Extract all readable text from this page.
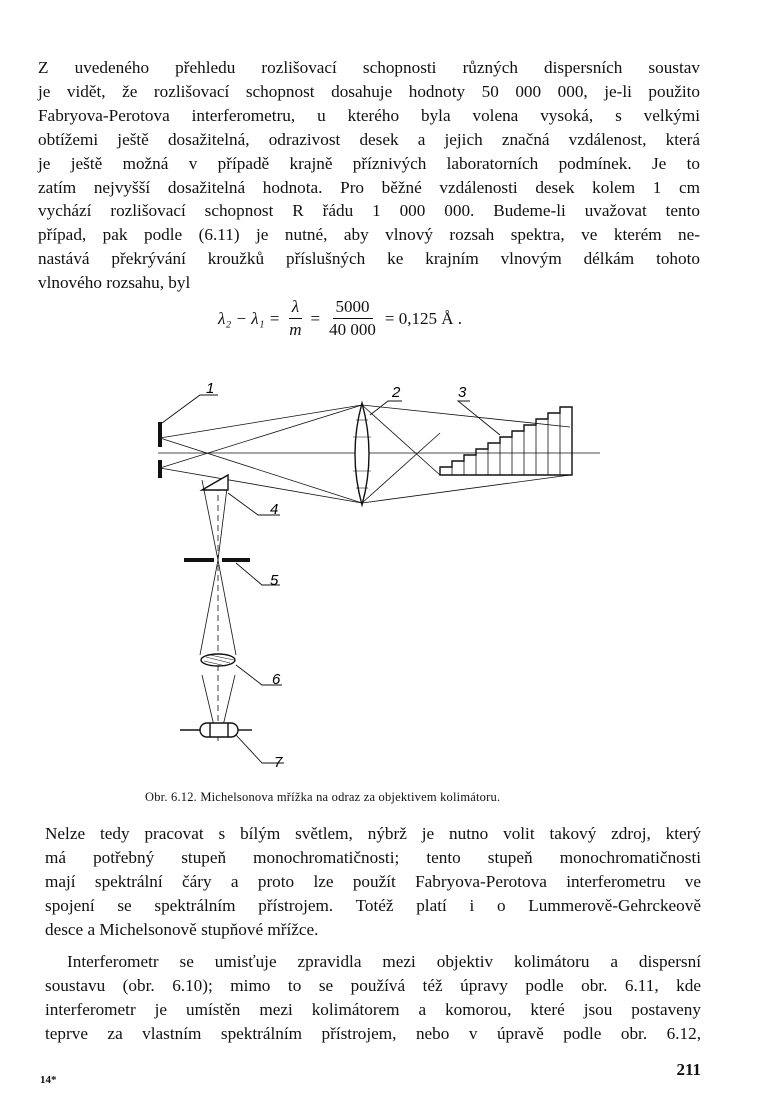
Z uvedeného přehledu rozlišovací schopnosti různých dispersních soustav
je vidět, že rozlišovací schopnost dosahuje hodnoty 50 000 000, je-li použito
Fabryova-Perotova interferometru, u kterého byla volena vysoká, s velkými
obtížemi ještě dosažitelná, odrazivost desek a jejich značná vzdálenost, která
je ještě možná v případě krajně příznivých laboratorních podmínek. Je to
zatím nejvyšší dosažitelná hodnota. Pro běžné vzdálenosti desek kolem 1 cm
vychází rozlišovací schopnost R řádu 1 000 000. Budeme-li uvažovat tento
případ, pak podle (6.11) je nutné, aby vlnový rozsah spektra, ve kterém ne-
nastává překrývání kroužků příslušných ke krajním vlnovým délkám tohoto
vlnového rozsahu, byl
$\lambda_2 - \lambda_1 = \frac{\lambda}{m} = \frac{5000}{40 000} = 0,125$ Å .
1	2	3
4
5
6
7
Obr. 6.12. Michelsonova mřížka na odraz za objektivem kolimátoru.
Nelze tedy pracovat s bílým světlem, nýbrž je nutno volit takový zdroj, který
má potřebný stupeň monochromatičnosti; tento stupeň monochromatičnosti
mají spektrální čáry a proto lze použít Fabryova-Perotova interferometru ve
spojení se spektrálním přístrojem. Totéž platí i o Lummerově-Gehrckeově
desce a Michelsonově stupňové mřížce.
Interferometr se umisťuje zpravidla mezi objektiv kolimátoru a dispersní
soustavu (obr. 6.10); mimo to se používá též úpravy podle obr. 6.11, kde
interferometr je umístěn mezi kolimátorem a komorou, které jsou postaveny
teprve za vlastním spektrálním přístrojem, nebo v úpravě podle obr. 6.12,
14*
211
